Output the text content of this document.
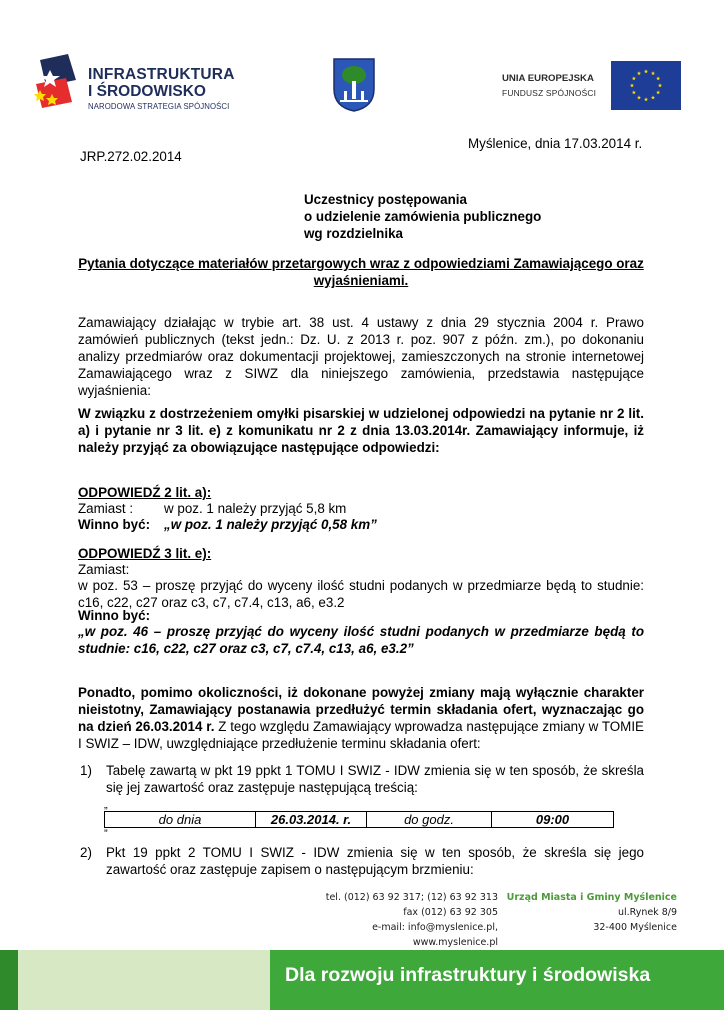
INFRASTRUKTURA
I ŚRODOWISKO
NARODOWA STRATEGIA SPÓJNOŚCI
UNIA EUROPEJSKA
FUNDUSZ SPÓJNOŚCI
Myślenice, dnia 17.03.2014 r.
JRP.272.02.2014
Uczestnicy postępowania
o udzielenie zamówienia publicznego
wg rozdzielnika
Pytania dotyczące materiałów przetargowych wraz z odpowiedziami Zamawiającego oraz wyjaśnieniami.
Zamawiający działając w trybie art. 38 ust. 4 ustawy z dnia 29 stycznia 2004 r. Prawo zamówień publicznych (tekst jedn.: Dz. U. z 2013 r. poz. 907 z późn. zm.), po dokonaniu analizy przedmiarów oraz dokumentacji projektowej, zamieszczonych na stronie internetowej Zamawiającego wraz z SIWZ dla niniejszego zamówienia, przedstawia następujące wyjaśnienia:
W związku z dostrzeżeniem omyłki pisarskiej w udzielonej odpowiedzi na pytanie nr 2 lit. a) i pytanie nr 3 lit. e) z komunikatu nr 2 z dnia 13.03.2014r. Zamawiający informuje, iż należy przyjąć za obowiązujące następujące odpowiedzi:
ODPOWIEDŹ 2 lit. a):
Zamiast : w poz. 1 należy przyjąć 5,8 km
Winno być: „w poz. 1 należy przyjąć 0,58 km”
ODPOWIEDŹ 3 lit. e):
Zamiast:
w poz. 53 – proszę przyjąć do wyceny ilość studni podanych w przedmiarze będą to studnie: c16, c22, c27 oraz c3, c7, c7.4, c13, a6, e3.2
Winno być:
„w poz. 46 – proszę przyjąć do wyceny ilość studni podanych w przedmiarze będą to studnie: c16, c22, c27 oraz c3, c7, c7.4, c13, a6, e3.2”
Ponadto, pomimo okoliczności, iż dokonane powyżej zmiany mają wyłącznie charakter nieistotny, Zamawiający postanawia przedłużyć termin składania ofert, wyznaczając go na dzień 26.03.2014 r. Z tego względu Zamawiający wprowadza następujące zmiany w TOMIE I SWIZ – IDW, uwzględniające przedłużenie terminu składania ofert:
1) Tabelę zawartą w pkt 19 ppkt 1 TOMU I SWIZ - IDW zmienia się w ten sposób, że skreśla się jej zawartość oraz zastępuje następującą treścią:
„
do dnia	26.03.2014. r.	do godz.	09:00
”
2) Pkt 19 ppkt 2 TOMU I SWIZ - IDW zmienia się w ten sposób, że skreśla się jego zawartość oraz zastępuje zapisem o następującym brzmieniu:
tel. (012) 63 92 317; (12) 63 92 313
fax (012) 63 92 305
e-mail: info@myslenice.pl, www.myslenice.pl
Urząd Miasta i Gminy Myślenice
ul.Rynek 8/9
32-400 Myślenice
Dla rozwoju infrastruktury i środowiska
